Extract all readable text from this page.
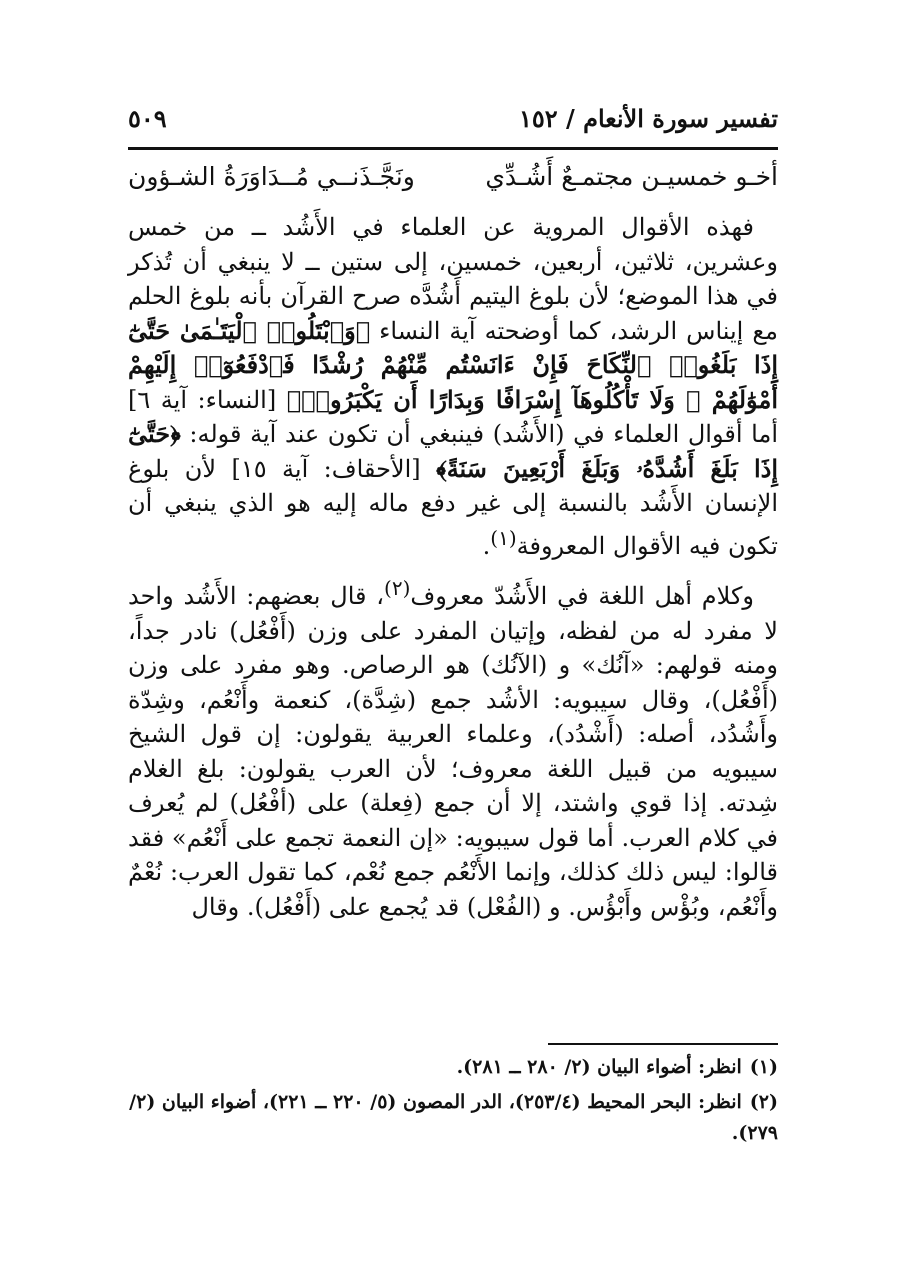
تفسير سورة الأنعام / ١٥٢
٥٠٩
أخـو خمسيـن مجتمـعٌ أَشُـدِّي
ونَجَّـذَنــي مُــدَاوَرَةُ الشـؤون

فهذه الأقوال المروية عن العلماء في الأَشُد ــ من خمس وعشرين، ثلاثين، أربعين، خمسين، إلى ستين ــ لا ينبغي أن تُذكر في هذا الموضع؛ لأن بلوغ اليتيم أَشُدَّه صرح القرآن بأنه بلوغ الحلم مع إيناس الرشد، كما أوضحته آية النساء ﴿وَٱبْتَلُوا۟ ٱلْيَتَـٰمَىٰ حَتَّىٰٓ إِذَا بَلَغُوا۟ ٱلنِّكَاحَ فَإِنْ ءَانَسْتُم مِّنْهُمْ رُشْدًا فَٱدْفَعُوٓا۟ إِلَيْهِمْ أَمْوَٰلَهُمْ ۖ وَلَا تَأْكُلُوهَآ إِسْرَافًا وَبِدَارًا أَن يَكْبَرُوا۟﴾ [النساء: آية ٦] أما أقوال العلماء في (الأَشُد) فينبغي أن تكون عند آية قوله: ﴿حَتَّىٰٓ إِذَا بَلَغَ أَشُدَّهُۥ وَبَلَغَ أَرْبَعِينَ سَنَةً﴾ [الأحقاف: آية ١٥] لأن بلوغ الإنسان الأَشُد بالنسبة إلى غير دفع ماله إليه هو الذي ينبغي أن تكون فيه الأقوال المعروفة$^{(١)}$.

وكلام أهل اللغة في الأَشُدّ معروف$^{(٢)}$، قال بعضهم: الأَشُد واحد لا مفرد له من لفظه، وإتيان المفرد على وزن (أَفْعُل) نادر جداً، ومنه قولهم: «آنُك» و (الآنُك) هو الرصاص. وهو مفرد على وزن (أَفْعُل)، وقال سيبويه: الأشُد جمع (شِدَّة)، كنعمة وأَنْعُم، وشِدّة وأَشُدُد، أصله: (أَشْدُد)، وعلماء العربية يقولون: إن قول الشيخ سيبويه من قبيل اللغة معروف؛ لأن العرب يقولون: بلغ الغلام شِدته. إذا قوي واشتد، إلا أن جمع (فِعلة) على (أفْعُل) لم يُعرف في كلام العرب. أما قول سيبويه: «إن النعمة تجمع على أَنْعُم» فقد قالوا: ليس ذلك كذلك، وإنما الأَنْعُم جمع نُعْم، كما تقول العرب: نُعْمٌ وأَنْعُم، وبُؤْس وأَبْؤُس. و (الفُعْل) قد يُجمع على (أَفْعُل). وقال

(١)انظر: أضواء البيان (٢/ ٢٨٠ ــ ٢٨١).

(٢)انظر: البحر المحيط (٢٥٣/٤)، الدر المصون (٥/ ٢٢٠ ــ ٢٢١)، أضواء البيان (٢/ ٢٧٩).
